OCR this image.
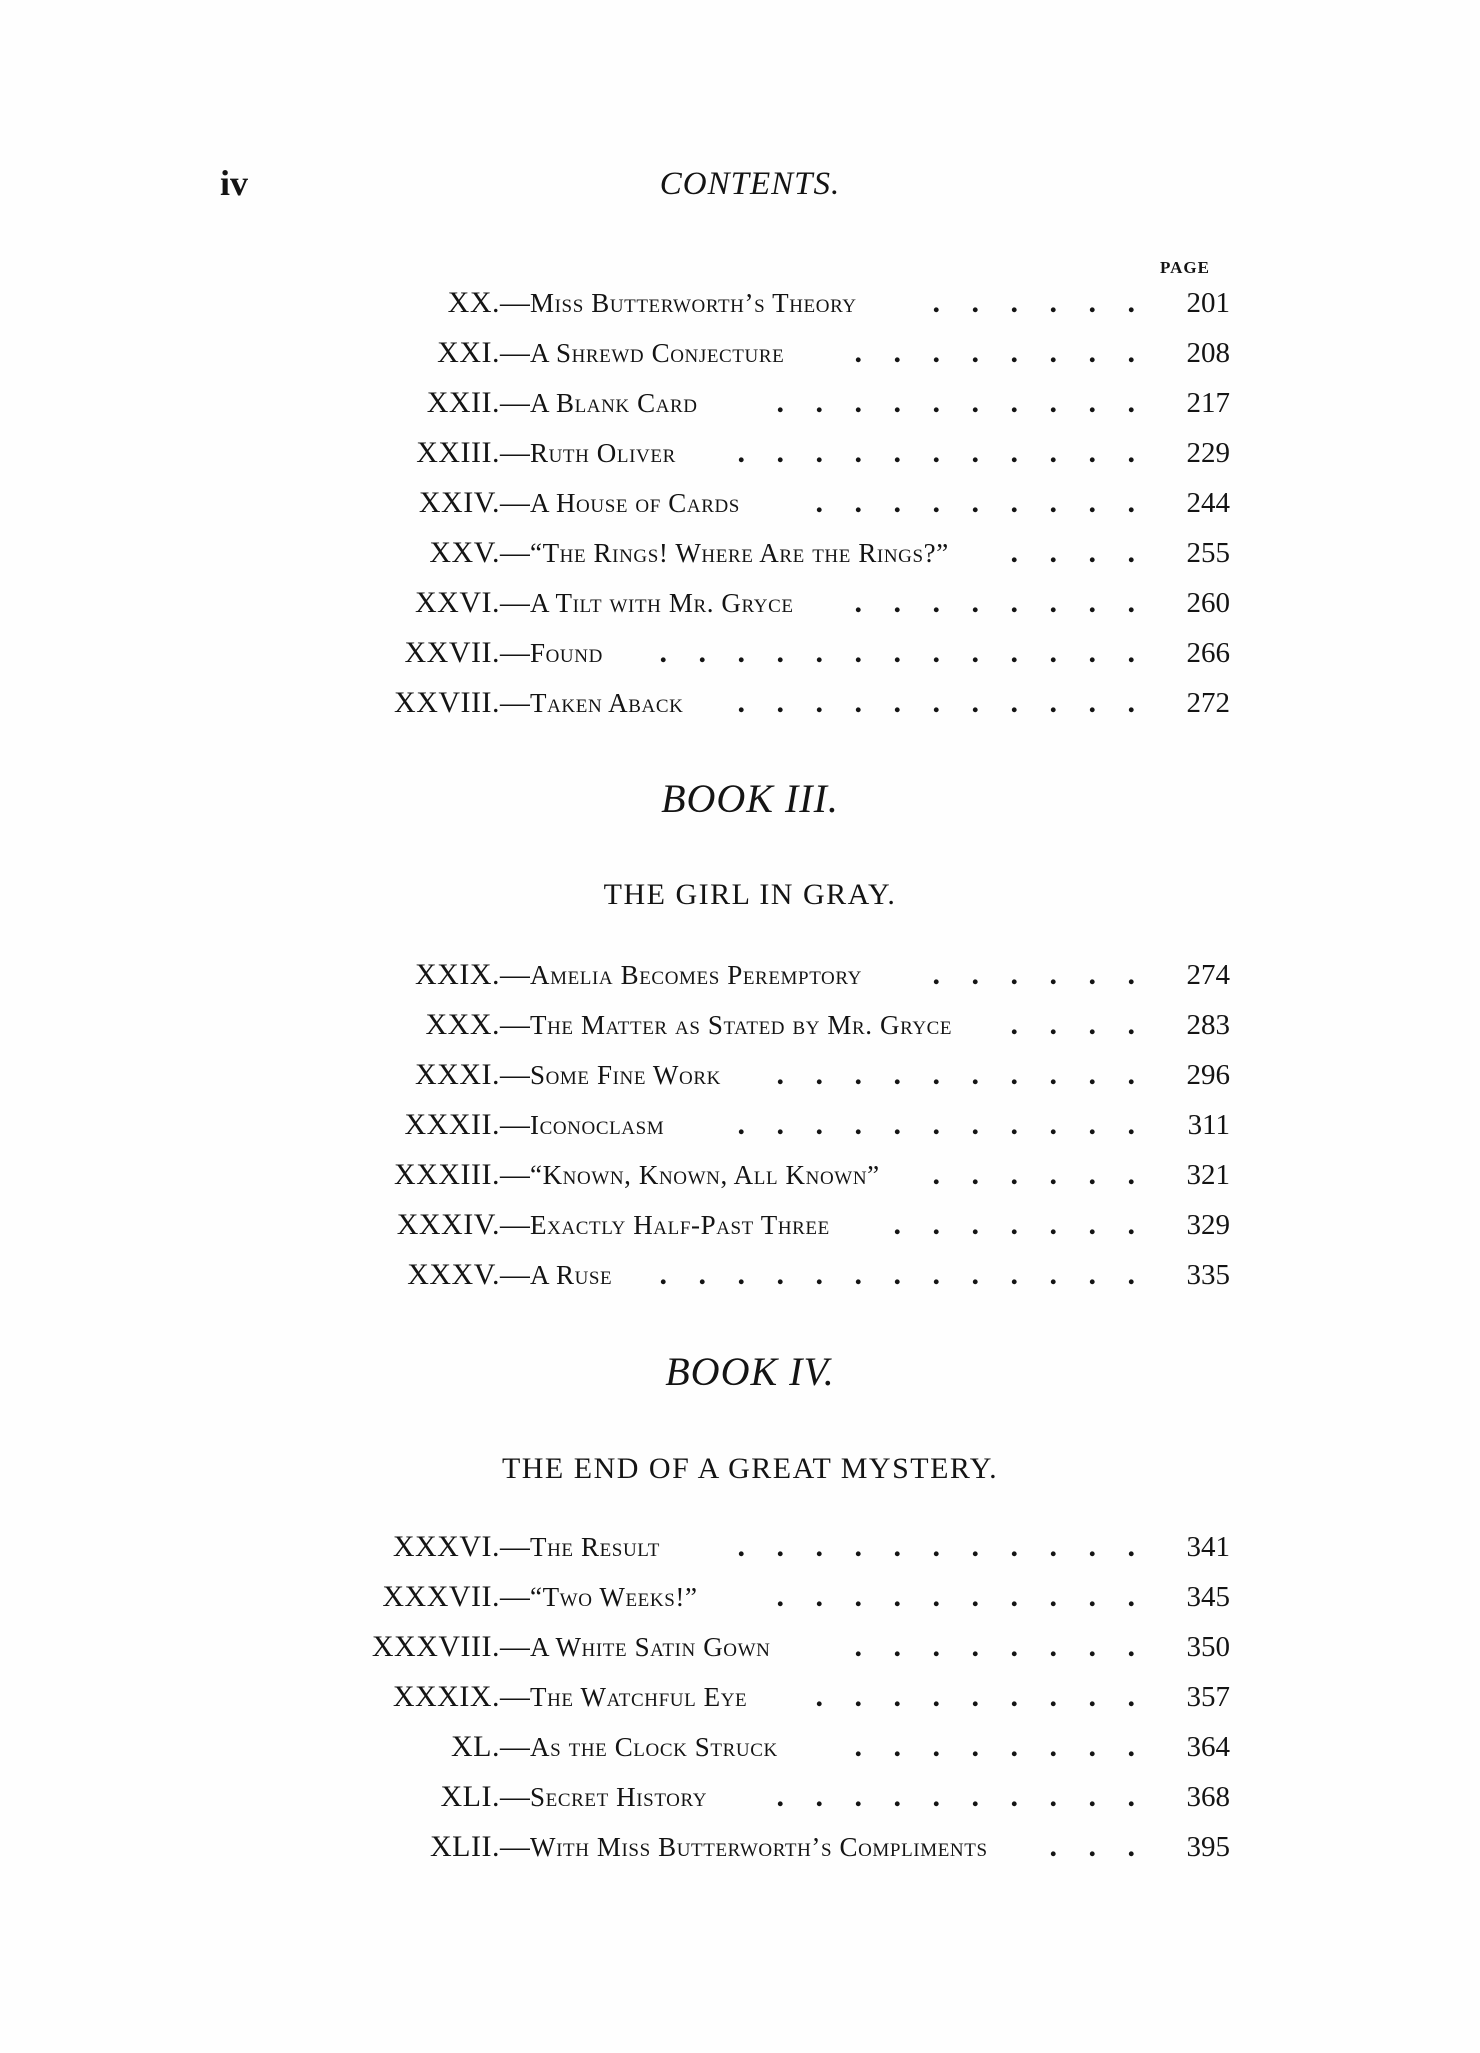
iv	CONTENTS.
PAGE
. . . . . .
XX.— Miss Butterworth’s Theory	201
. . . . . . . .
XXI.— A Shrewd Conjecture	208
. . . . . . . . . .
XXII.— A Blank Card	217
. . . . . . . . . . .
XXIII.— Ruth Oliver	229
. . . . . . . . .
XXIV.— A House of Cards	244
. . . .
XXV.— “The Rings! Where Are the Rings?”	255
. . . . . . . .
XXVI.— A Tilt with Mr. Gryce	260
. . . . . . . . . . . . .
XXVII.— Found	266
. . . . . . . . . . .
XXVIII.— Taken Aback	272
BOOK III.
THE GIRL IN GRAY.
. . . . . .
XXIX.— Amelia Becomes Peremptory	274
. . . .
XXX.— The Matter as Stated by Mr. Gryce	283
. . . . . . . . . .
XXXI.— Some Fine Work	296
. . . . . . . . . . .
XXXII.— Iconoclasm	311
. . . . . .
XXXIII.— “Known, Known, All Known”	321
. . . . . . .
XXXIV.— Exactly Half-Past Three	329
. . . . . . . . . . . . .
XXXV.— A Ruse	335
BOOK IV.
THE END OF A GREAT MYSTERY.
. . . . . . . . . . .
XXXVI.— The Result	341
. . . . . . . . . .
XXXVII.— “Two Weeks!”	345
. . . . . . . .
XXXVIII.— A White Satin Gown	350
. . . . . . . . .
XXXIX.— The Watchful Eye	357
. . . . . . . .
XL.— As the Clock Struck	364
. . . . . . . . . .
XLI.— Secret History	368
. . .
XLII.— With Miss Butterworth’s Compliments	395
